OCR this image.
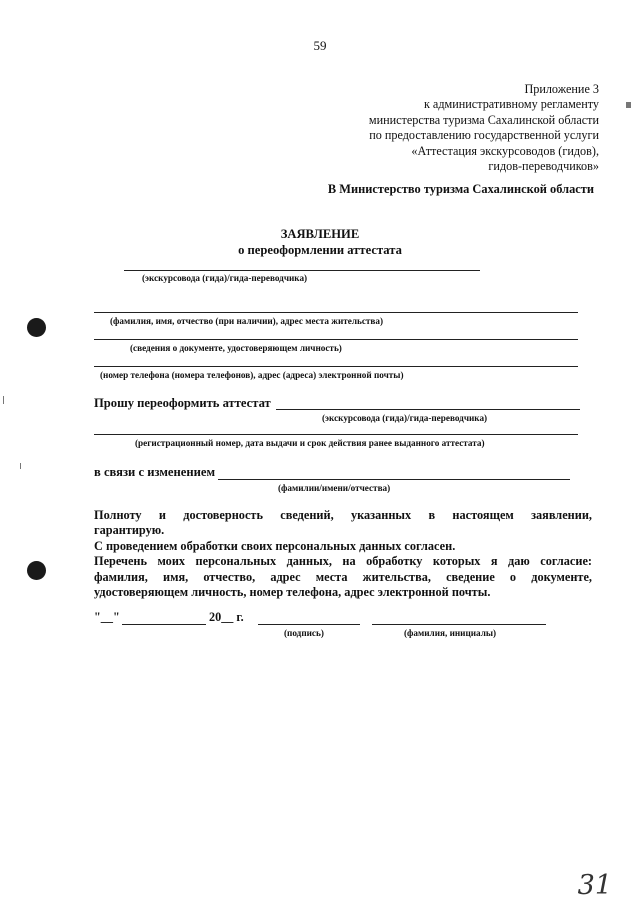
59
Приложение 3
к административному регламенту
министерства туризма Сахалинской области
по предоставлению государственной услуги
«Аттестация экскурсоводов (гидов),
гидов-переводчиков»
В Министерство туризма Сахалинской области
ЗАЯВЛЕНИЕ
о переоформлении аттестата
(экскурсовода (гида)/гида-переводчика)
(фамилия, имя, отчество (при наличии), адрес места жительства)
(сведения о документе, удостоверяющем личность)
(номер телефона (номера телефонов), адрес (адреса) электронной почты)
Прошу переоформить аттестат
(экскурсовода (гида)/гида-переводчика)
(регистрационный номер, дата выдачи и срок действия ранее выданного аттестата)
в связи с изменением
(фамилии/имени/отчества)

Полноту и достоверность сведений, указанных в настоящем заявлении,

гарантирую.

С проведением обработки своих персональных данных согласен.

Перечень моих персональных данных, на обработку которых я даю согласие:

фамилия, имя, отчество, адрес места жительства, сведение о документе,

удостоверяющем личность, номер телефона, адрес электронной почты.

"__"	20__ г.
(подпись)	(фамилия, инициалы)
31
